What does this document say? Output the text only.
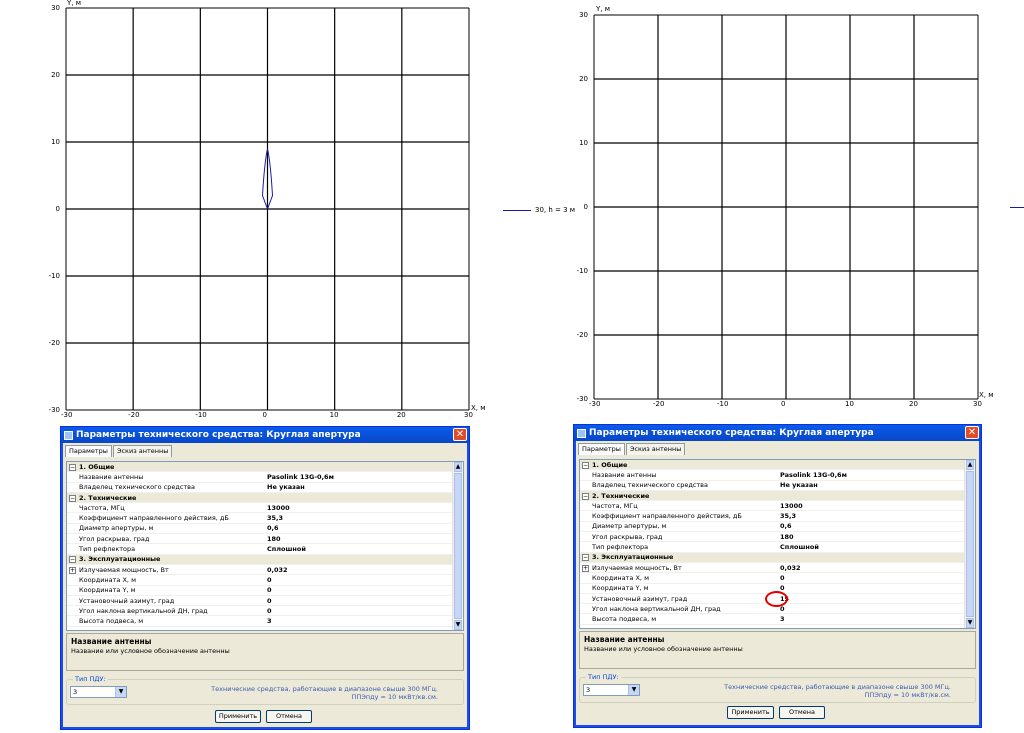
Y, м
X, м
30, h = 3 м
30
-30
20
-20
10
-10
0
0
-10
10
-20
20
-30
30
Y, м
X, м
30
-30
20
-20
10
-10
0
0
-10
10
-20
20
-30
30
Параметры технического средства: Круглая апертура	✕
Параметры	Эскиз антенны
− 1. Общие
Название антенны	Pasolink 13G-0,6м
Владелец технического средства	Не указан
− 2. Технические
Частота, МГц	13000
Коэффициент направленного действия, дБ	35,3
Диаметр апертуры, м	0,6
Угол раскрыва, град	180
Тип рефлектора	Сплошной
− 3. Эксплуатационные
+ Излучаемая мощность, Вт	0,032
Координата X, м	0
Координата Y, м	0
Установочный азимут, град	0
Угол наклона вертикальной ДН, град	0
Высота подвеса, м	3
▲
▼
Название антенны
Название или условное обозначение антенны
Тип ПДУ:
3	▼	Технические средства, работающие в диапазоне свыше 300 МГц.
ППЭпду = 10 мкВт/кв.см.
Применить	Отмена
Параметры технического средства: Круглая апертура	✕
Параметры	Эскиз антенны
− 1. Общие
Название антенны	Pasolink 13G-0,6м
Владелец технического средства	Не указан
− 2. Технические
Частота, МГц	13000
Коэффициент направленного действия, дБ	35,3
Диаметр апертуры, м	0,6
Угол раскрыва, град	180
Тип рефлектора	Сплошной
− 3. Эксплуатационные
+ Излучаемая мощность, Вт	0,032
Координата X, м	0
Координата Y, м	0
Установочный азимут, град	15
Угол наклона вертикальной ДН, град	0
Высота подвеса, м	3
▲
▼
Название антенны
Название или условное обозначение антенны
Тип ПДУ:
3	▼	Технические средства, работающие в диапазоне свыше 300 МГц.
ППЭпду = 10 мкВт/кв.см.
Применить	Отмена
